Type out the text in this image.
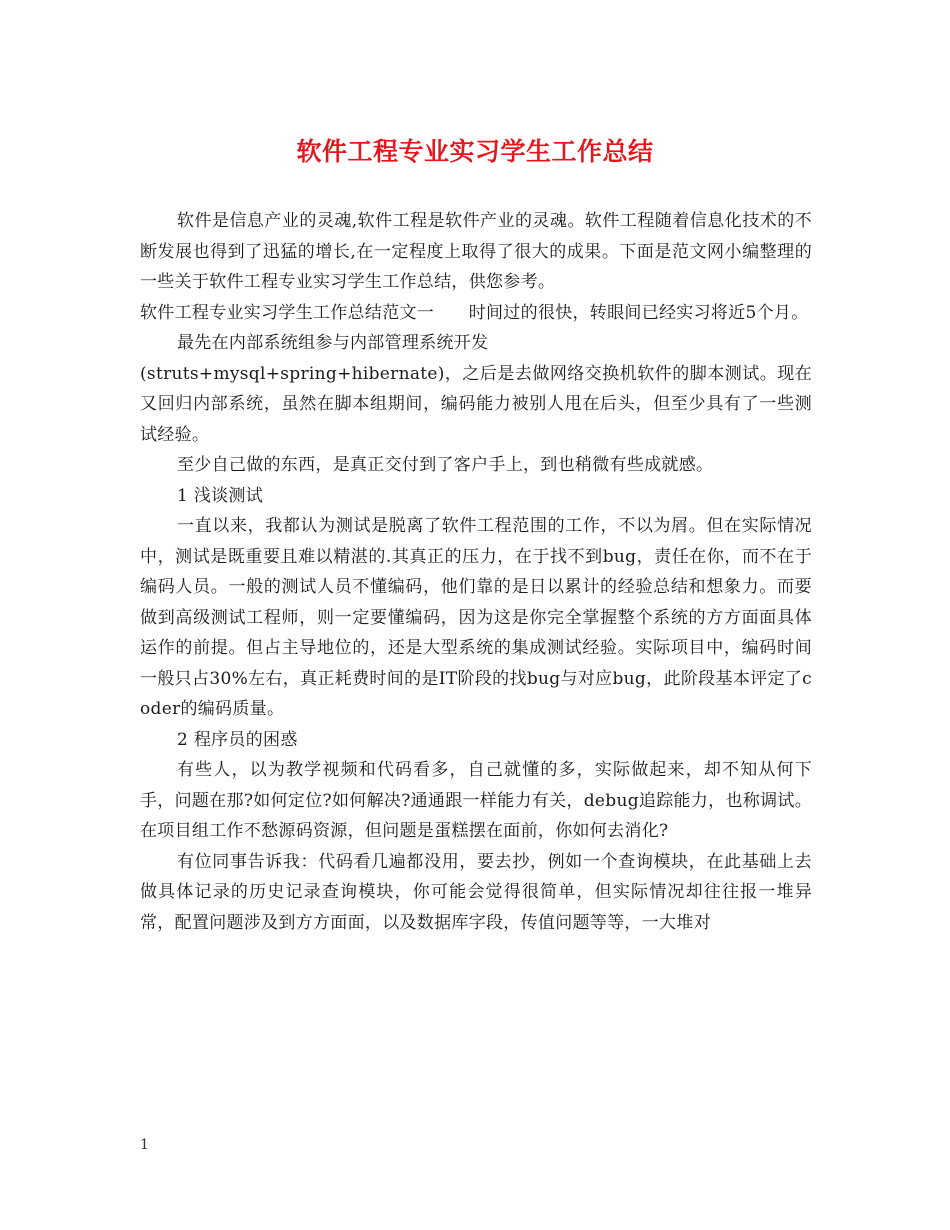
软件工程专业实习学生工作总结

软件是信息产业的灵魂,软件工程是软件产业的灵魂。软件工程随着信息化技术的不断发展也得到了迅猛的增长,在一定程度上取得了很大的成果。下面是范文网小编整理的一些关于软件工程专业实习学生工作总结，供您参考。

软件工程专业实习学生工作总结范文一　　时间过的很快，转眼间已经实习将近5个月。

最先在内部系统组参与内部管理系统开发

(struts+mysql+spring+hibernate)，之后是去做网络交换机软件的脚本测试。现在又回归内部系统，虽然在脚本组期间，编码能力被别人甩在后头，但至少具有了一些测试经验。

至少自己做的东西，是真正交付到了客户手上，到也稍微有些成就感。

1 浅谈测试

一直以来，我都认为测试是脱离了软件工程范围的工作，不以为屑。但在实际情况中，测试是既重要且难以精湛的.其真正的压力，在于找不到bug，责任在你，而不在于编码人员。一般的测试人员不懂编码，他们靠的是日以累计的经验总结和想象力。而要做到高级测试工程师，则一定要懂编码，因为这是你完全掌握整个系统的方方面面具体运作的前提。但占主导地位的，还是大型系统的集成测试经验。实际项目中，编码时间一般只占30%左右，真正耗费时间的是IT阶段的找bug与对应bug，此阶段基本评定了coder的编码质量。

2 程序员的困惑

有些人，以为教学视频和代码看多，自己就懂的多，实际做起来，却不知从何下手，问题在那?如何定位?如何解决?通通跟一样能力有关，debug追踪能力，也称调试。在项目组工作不愁源码资源，但问题是蛋糕摆在面前，你如何去消化?

有位同事告诉我：代码看几遍都没用，要去抄，例如一个查询模块，在此基础上去做具体记录的历史记录查询模块，你可能会觉得很简单，但实际情况却往往报一堆异常，配置问题涉及到方方面面，以及数据库字段，传值问题等等，一大堆对

1
